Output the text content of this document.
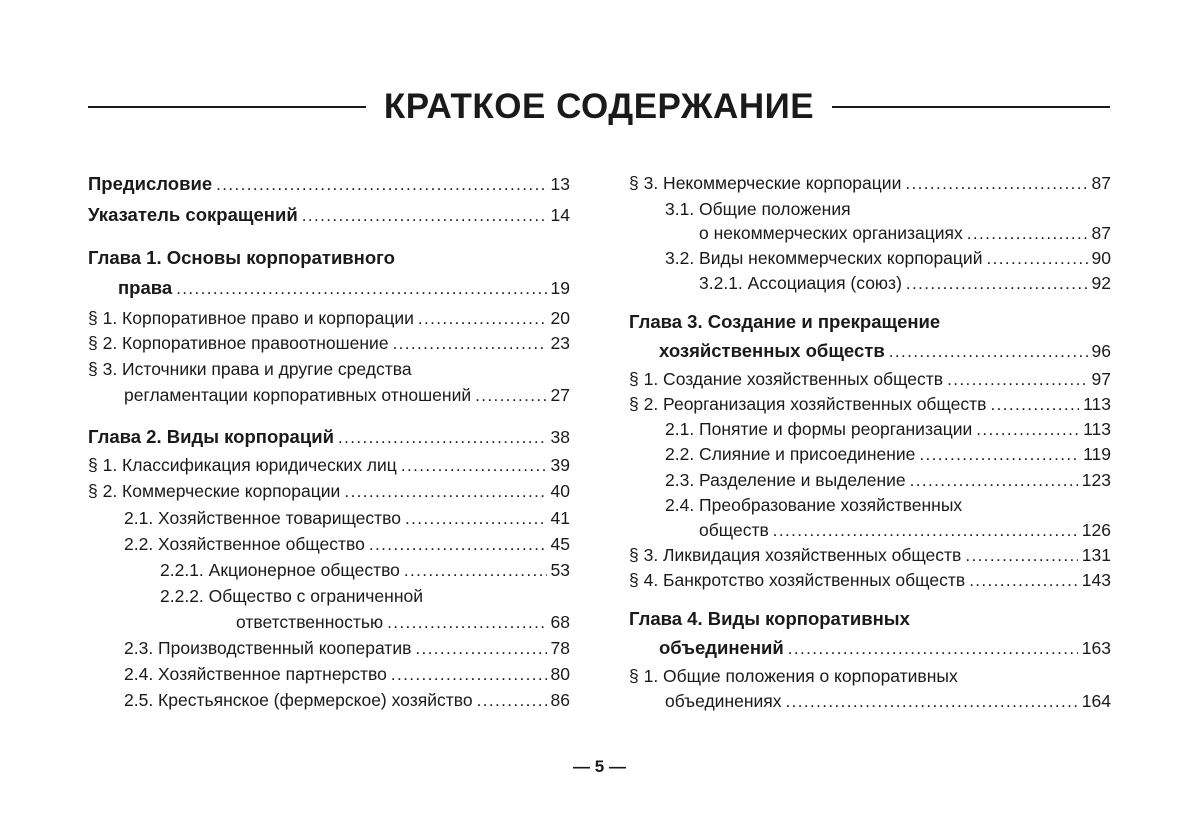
КРАТКОЕ СОДЕРЖАНИЕ
Предисловие .....	13
Указатель сокращений .....	14
Глава 1. Основы корпоративного
права .....	19
§ 1. Корпоративное право и корпорации .....	20
§ 2. Корпоративное правоотношение .....	23
§ 3. Источники права и другие средства
регламентации корпоративных отношений .....	27
Глава 2. Виды корпораций .....	38
§ 1. Классификация юридических лиц .....	39
§ 2. Коммерческие корпорации .....	40
2.1. Хозяйственное товарищество .....	41
2.2. Хозяйственное общество .....	45
2.2.1. Акционерное общество .....	53
2.2.2. Общество с ограниченной
ответственностью .....	68
2.3. Производственный кооператив .....	78
2.4. Хозяйственное партнерство .....	80
2.5. Крестьянское (фермерское) хозяйство .....	86
§ 3. Некоммерческие корпорации .....	87
3.1. Общие положения
о некоммерческих организациях .....	87
3.2. Виды некоммерческих корпораций .....	90
3.2.1. Ассоциация (союз) .....	92
Глава 3. Создание и прекращение
хозяйственных обществ .....	96
§ 1. Создание хозяйственных обществ .....	97
§ 2. Реорганизация хозяйственных обществ .....	113
2.1. Понятие и формы реорганизации .....	113
2.2. Слияние и присоединение .....	119
2.3. Разделение и выделение .....	123
2.4. Преобразование хозяйственных
обществ .....	126
§ 3. Ликвидация хозяйственных обществ .....	131
§ 4. Банкротство хозяйственных обществ .....	143
Глава 4. Виды корпоративных
объединений .....	163
§ 1. Общие положения о корпоративных
объединениях .....	164
— 5 —
